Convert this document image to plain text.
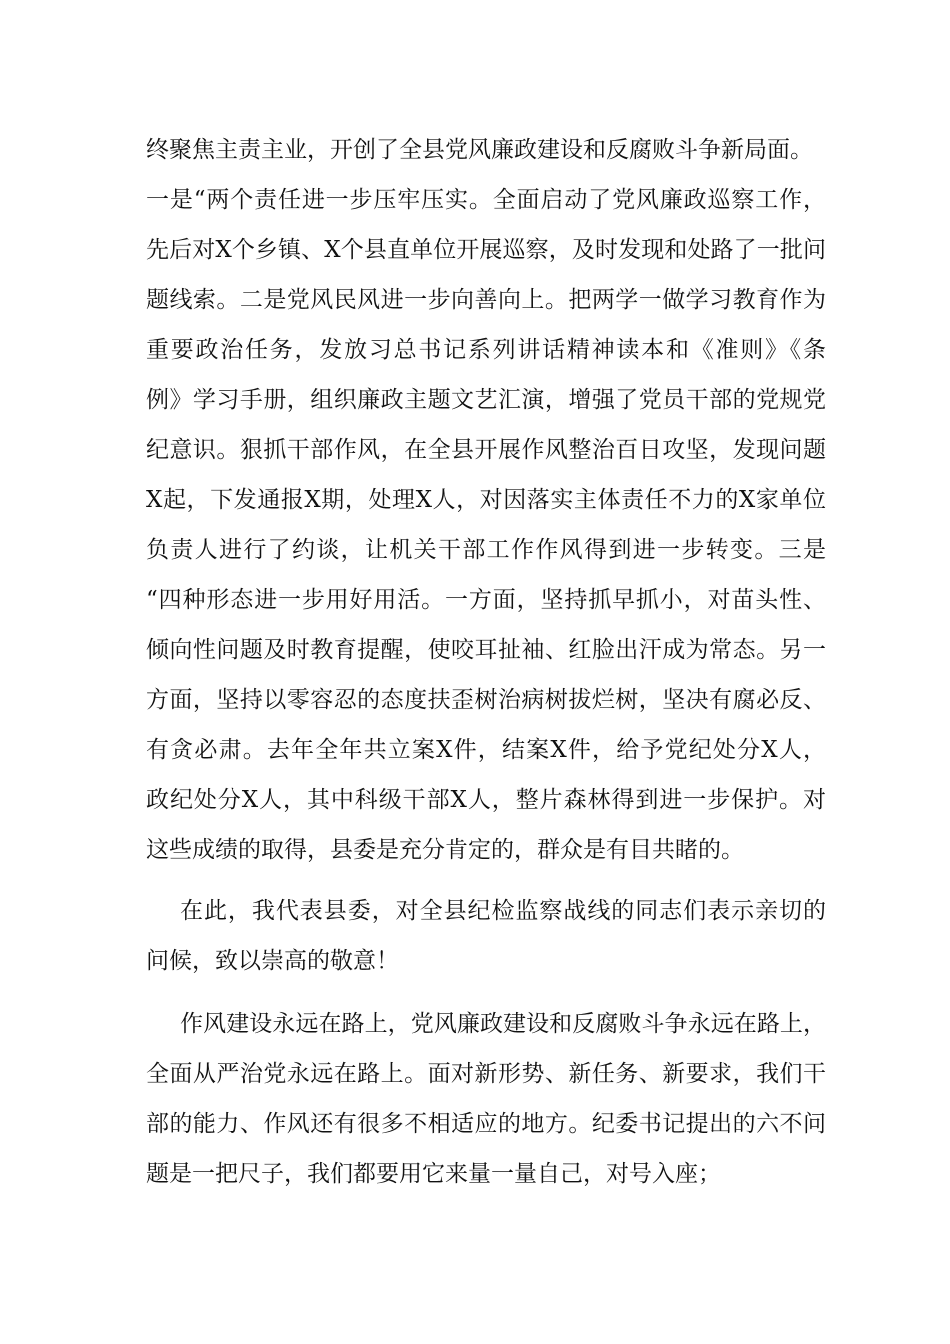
终聚焦主责主业，开创了全县党风廉政建设和反腐败斗争新局面。
一是“两个责任进一步压牢压实。全面启动了党风廉政巡察工作，
先后对X个乡镇、X个县直单位开展巡察，及时发现和处路了一批问
题线索。二是党风民风进一步向善向上。把两学一做学习教育作为
重要政治任务，发放习总书记系列讲话精神读本和《准则》《条
例》学习手册，组织廉政主题文艺汇演，增强了党员干部的党规党
纪意识。狠抓干部作风，在全县开展作风整治百日攻坚，发现问题
X起，下发通报X期，处理X人，对因落实主体责任不力的X家单位
负责人进行了约谈，让机关干部工作作风得到进一步转变。三是
“四种形态进一步用好用活。一方面，坚持抓早抓小，对苗头性、
倾向性问题及时教育提醒，使咬耳扯袖、红脸出汗成为常态。另一
方面，坚持以零容忍的态度扶歪树治病树拔烂树，坚决有腐必反、
有贪必肃。去年全年共立案X件，结案X件，给予党纪处分X人，
政纪处分X人，其中科级干部X人，整片森林得到进一步保护。对
这些成绩的取得，县委是充分肯定的，群众是有目共睹的。
在此，我代表县委，对全县纪检监察战线的同志们表示亲切的
问候，致以崇高的敬意！
作风建设永远在路上，党风廉政建设和反腐败斗争永远在路上，
全面从严治党永远在路上。面对新形势、新任务、新要求，我们干
部的能力、作风还有很多不相适应的地方。纪委书记提出的六不问
题是一把尺子，我们都要用它来量一量自己，对号入座；
